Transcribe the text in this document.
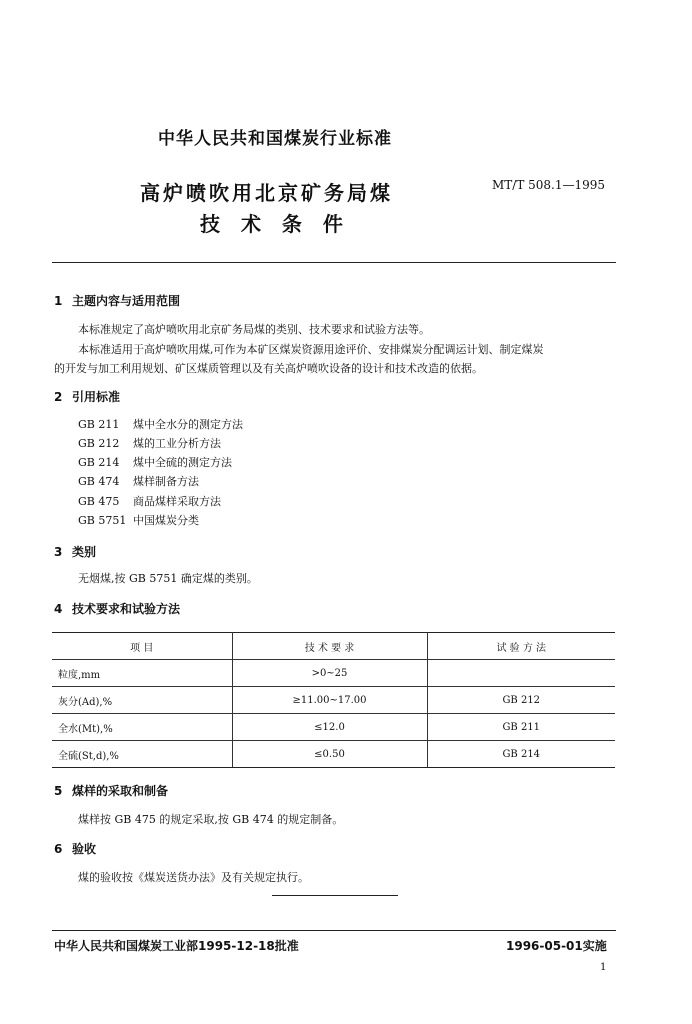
中华人民共和国煤炭行业标准
高炉喷吹用北京矿务局煤
技 术 条 件
MT/T 508.1—1995
1 主题内容与适用范围
本标准规定了高炉喷吹用北京矿务局煤的类别、技术要求和试验方法等。
本标准适用于高炉喷吹用煤,可作为本矿区煤炭资源用途评价、安排煤炭分配调运计划、制定煤炭
的开发与加工利用规划、矿区煤质管理以及有关高炉喷吹设备的设计和技术改造的依据。
2 引用标准
GB 211 煤中全水分的测定方法
GB 212 煤的工业分析方法
GB 214 煤中全硫的测定方法
GB 474 煤样制备方法
GB 475 商品煤样采取方法
GB 5751 中国煤炭分类
3 类别
无烟煤,按 GB 5751 确定煤的类别。
4 技术要求和试验方法
项 目	技 术 要 求	试 验 方 法
粒度,mm	>0~25	
灰分(Ad),%	≥11.00~17.00	GB 212
全水(Mt),%	≤12.0	GB 211
全硫(St,d),%	≤0.50	GB 214
5 煤样的采取和制备
煤样按 GB 475 的规定采取,按 GB 474 的规定制备。
6 验收
煤的验收按《煤炭送货办法》及有关规定执行。
中华人民共和国煤炭工业部1995-12-18批准	1996-05-01实施
1
